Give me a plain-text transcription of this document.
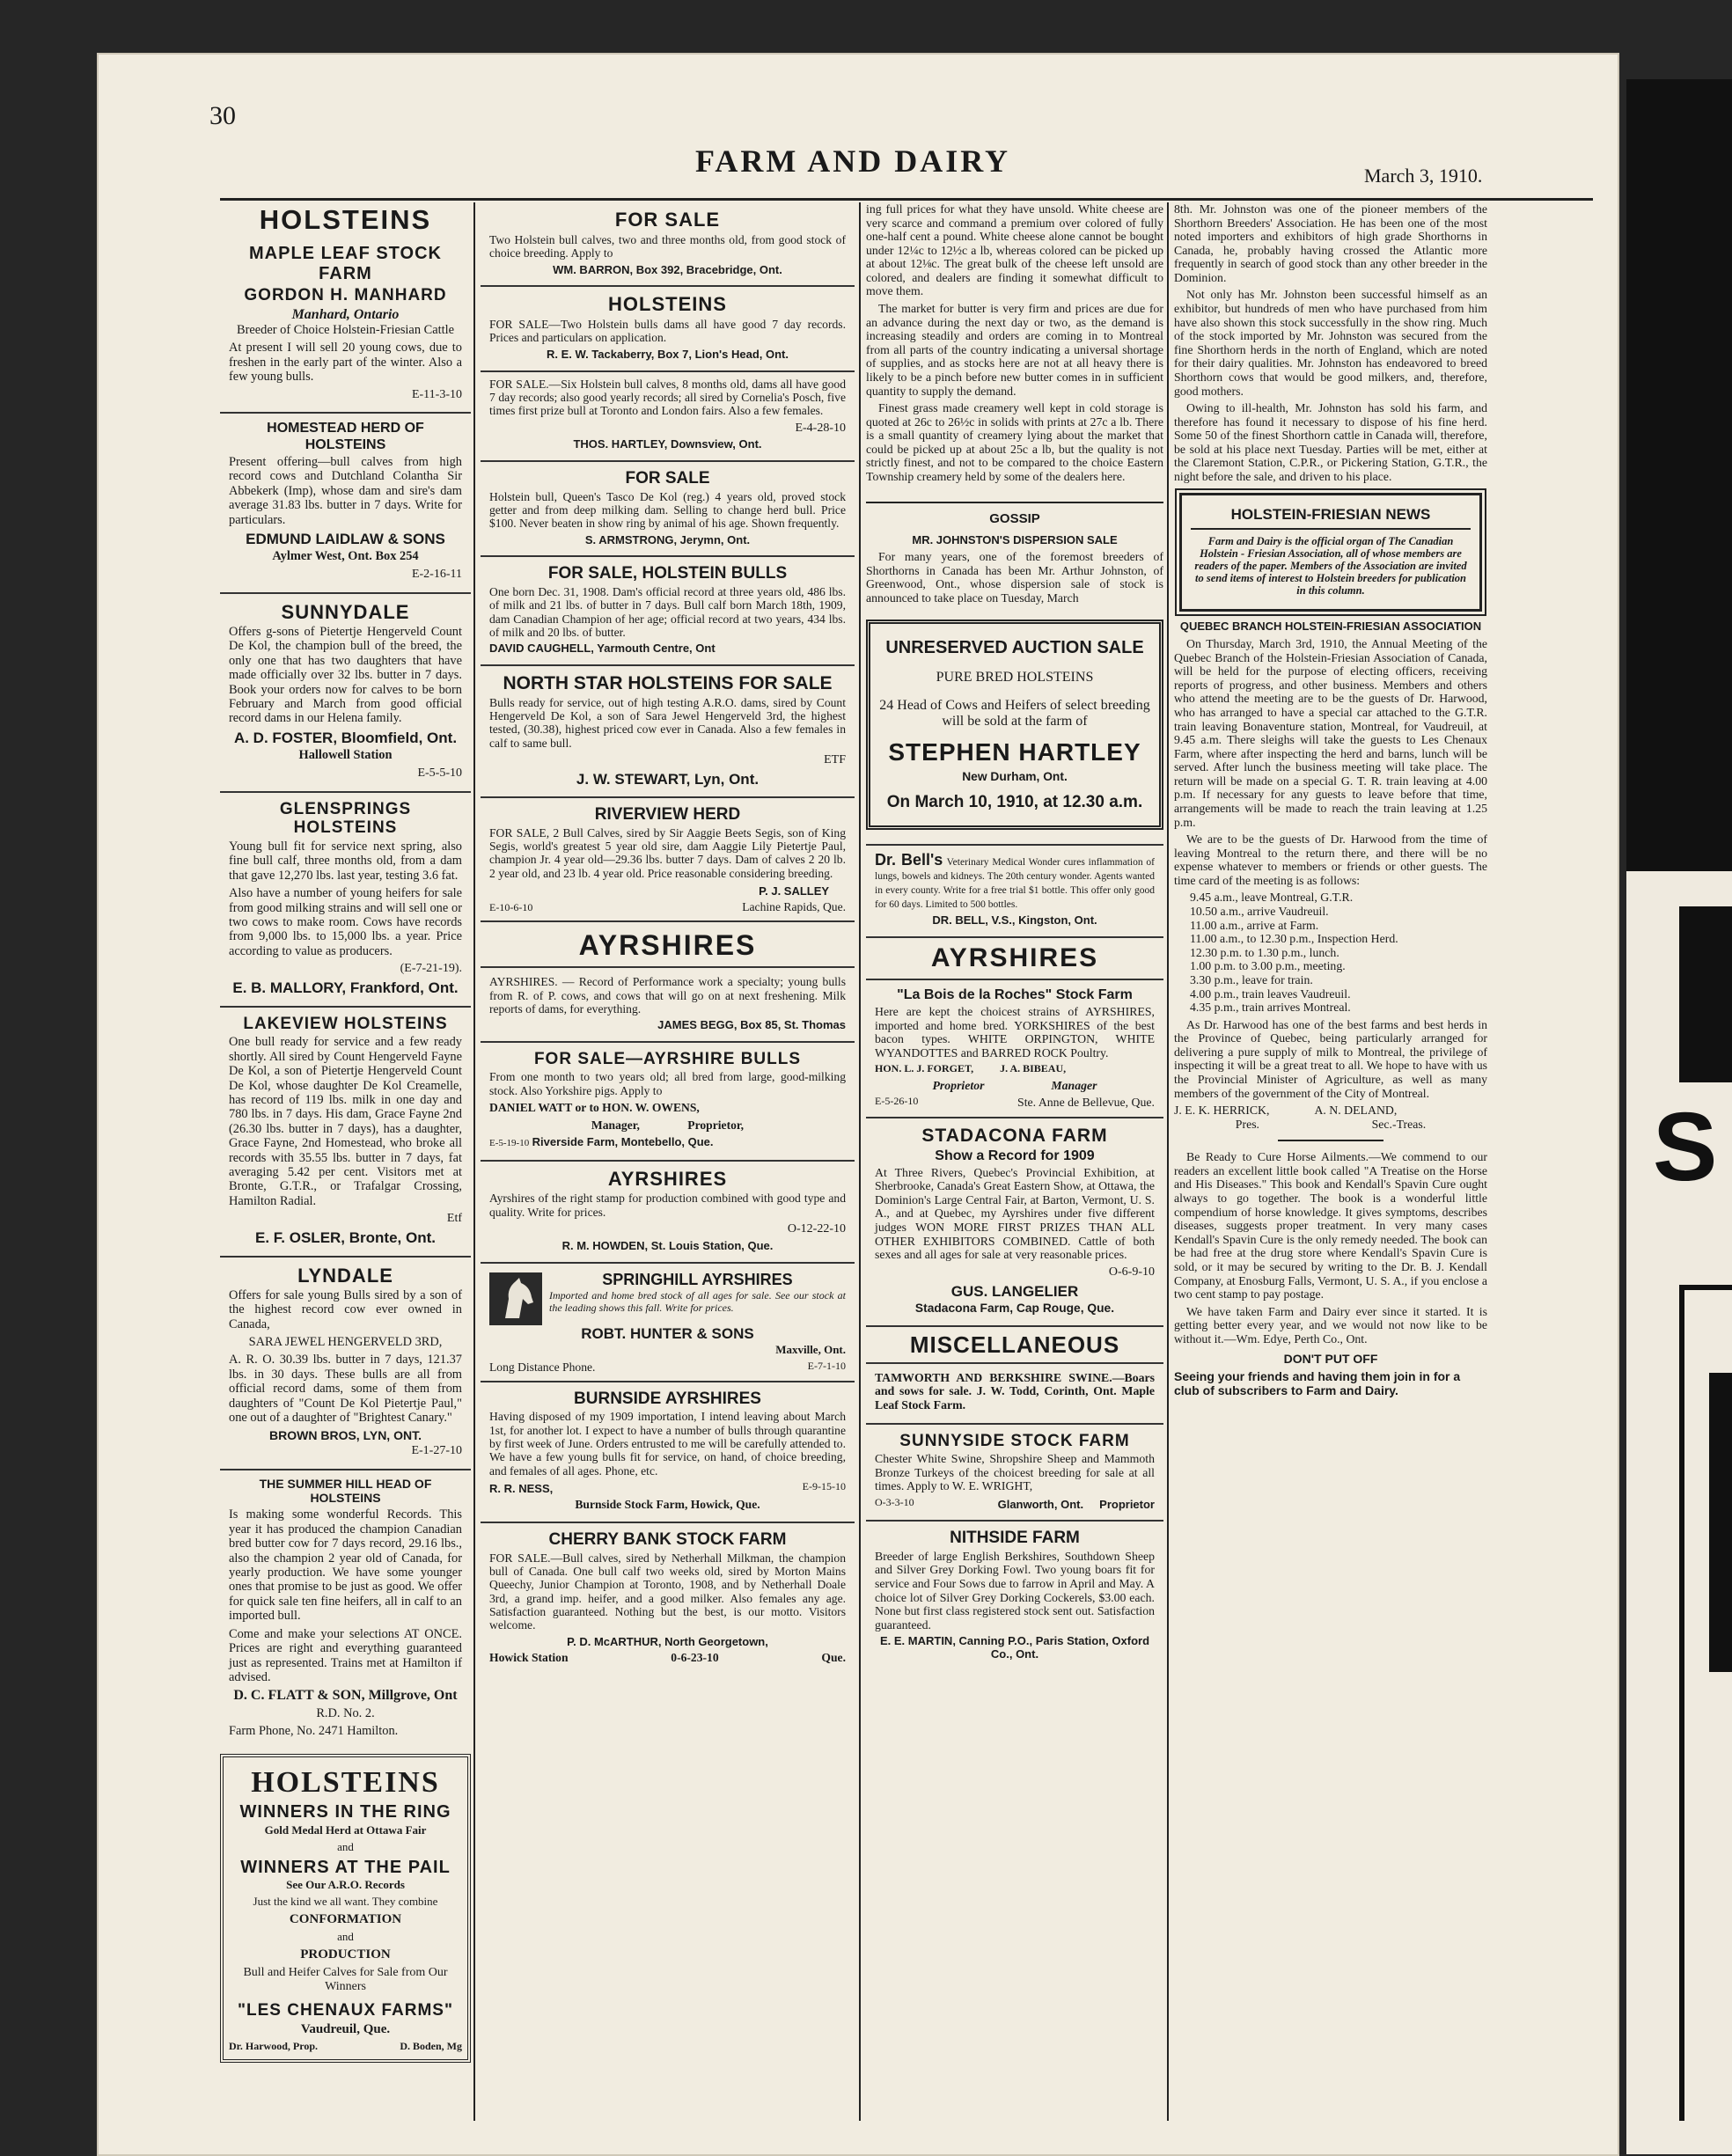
30
FARM AND DAIRY	March 3, 1910.
HOLSTEINS
MAPLE LEAF STOCK FARM
GORDON H. MANHARD
Manhard, Ontario

Breeder of Choice Holstein-Friesian Cattle

At present I will sell 20 young cows, due to freshen in the early part of the winter. Also a few young bulls.

E-11-3-10

HOMESTEAD HERD OF HOLSTEINS

Present offering—bull calves from high record cows and Dutchland Colantha Sir Abbekerk (Imp), whose dam and sire's dam average 31.83 lbs. butter in 7 days. Write for particulars.

EDMUND LAIDLAW & SONS

Aylmer West, Ont. Box 254

E-2-16-11

SUNNYDALE

Offers g-sons of Pietertje Hengerveld Count De Kol, the champion bull of the breed, the only one that has two daughters that have made officially over 32 lbs. butter in 7 days. Book your orders now for calves to be born February and March from good official record dams in our Helena family.

A. D. FOSTER, Bloomfield, Ont.

Hallowell Station

E-5-5-10

GLENSPRINGS HOLSTEINS

Young bull fit for service next spring, also fine bull calf, three months old, from a dam that gave 12,270 lbs. last year, testing 3.6 fat.

Also have a number of young heifers for sale from good milking strains and will sell one or two cows to make room. Cows have records from 9,000 lbs. to 15,000 lbs. a year. Price according to value as producers.

(E-7-21-19).

E. B. MALLORY, Frankford, Ont.
LAKEVIEW HOLSTEINS

One bull ready for service and a few ready shortly. All sired by Count Hengerveld Fayne De Kol, a son of Pietertje Hengerveld Count De Kol, whose daughter De Kol Creamelle, has record of 119 lbs. milk in one day and 780 lbs. in 7 days. His dam, Grace Fayne 2nd (26.30 lbs. butter in 7 days), has a daughter, Grace Fayne, 2nd Homestead, who broke all records with 35.55 lbs. butter in 7 days, fat averaging 5.42 per cent. Visitors met at Bronte, G.T.R., or Trafalgar Crossing, Hamilton Radial.

Etf

E. F. OSLER, Bronte, Ont.
LYNDALE

Offers for sale young Bulls sired by a son of the highest record cow ever owned in Canada,

SARA JEWEL HENGERVELD 3RD,

A. R. O. 30.39 lbs. butter in 7 days, 121.37 lbs. in 30 days. These bulls are all from official record dams, some of them from daughters of "Count De Kol Pietertje Paul," one out of a daughter of "Brightest Canary."

BROWN BROS, LYN, ONT.

E-1-27-10

THE SUMMER HILL HEAD OF HOLSTEINS

Is making some wonderful Records. This year it has produced the champion Canadian bred butter cow for 7 days record, 29.16 lbs., also the champion 2 year old of Canada, for yearly production. We have some younger ones that promise to be just as good. We offer for quick sale ten fine heifers, all in calf to an imported bull.

Come and make your selections AT ONCE. Prices are right and everything guaranteed just as represented. Trains met at Hamilton if advised.

D. C. FLATT & SON, Millgrove, Ont

R.D. No. 2.

Farm Phone, No. 2471 Hamilton.

HOLSTEINS
WINNERS IN THE RING

Gold Medal Herd at Ottawa Fair

and

WINNERS AT THE PAIL

See Our A.R.O. Records

Just the kind we all want. They combine

CONFORMATION

and

PRODUCTION

Bull and Heifer Calves for Sale from Our Winners

"LES CHENAUX FARMS"

Vaudreuil, Que.

Dr. Harwood, Prop.	D. Boden, Mg
FOR SALE

Two Holstein bull calves, two and three months old, from good stock of choice breeding. Apply to

WM. BARRON, Box 392, Bracebridge, Ont.
HOLSTEINS

FOR SALE—Two Holstein bulls dams all have good 7 day records. Prices and particulars on application.

R. E. W. Tackaberry, Box 7, Lion's Head, Ont.

FOR SALE.—Six Holstein bull calves, 8 months old, dams all have good 7 day records; also good yearly records; all sired by Cornelia's Posch, five times first prize bull at Toronto and London fairs. Also a few females.

E-4-28-10

THOS. HARTLEY, Downsview, Ont.
FOR SALE

Holstein bull, Queen's Tasco De Kol (reg.) 4 years old, proved stock getter and from deep milking dam. Selling to change herd bull. Price $100. Never beaten in show ring by animal of his age. Shown frequently.

S. ARMSTRONG, Jerymn, Ont.
FOR SALE, HOLSTEIN BULLS

One born Dec. 31, 1908. Dam's official record at three years old, 486 lbs. of milk and 21 lbs. of butter in 7 days. Bull calf born March 18th, 1909, dam Canadian Champion of her age; official record at two years, 434 lbs. of milk and 20 lbs. of butter.

DAVID CAUGHELL, Yarmouth Centre, Ont
NORTH STAR HOLSTEINS FOR SALE

Bulls ready for service, out of high testing A.R.O. dams, sired by Count Hengerveld De Kol, a son of Sara Jewel Hengerveld 3rd, the highest tested, (30.38), highest priced cow ever in Canada. Also a few females in calf to same bull.

ETF

J. W. STEWART, Lyn, Ont.
RIVERVIEW HERD

FOR SALE, 2 Bull Calves, sired by Sir Aaggie Beets Segis, son of King Segis, world's greatest 5 year old sire, dam Aaggie Lily Pietertje Paul, champion Jr. 4 year old—29.36 lbs. butter 7 days. Dam of calves 2 20 lb. 2 year old, and 23 lb. 4 year old. Price reasonable considering breeding.

E-10-6-10
P. J. SALLEY
Lachine Rapids, Que.
AYRSHIRES

AYRSHIRES. — Record of Performance work a specialty; young bulls from R. of P. cows, and cows that will go on at next freshening. Milk reports of dams, for everything.

JAMES BEGG, Box 85, St. Thomas
FOR SALE—AYRSHIRE BULLS

From one month to two years old; all bred from large, good-milking stock. Also Yorkshire pigs. Apply to

DANIEL WATT or to HON. W. OWENS,

Manager,                Proprietor,

E-5-19-10 Riverside Farm, Montebello, Que.

AYRSHIRES

Ayrshires of the right stamp for production combined with good type and quality. Write for prices.

O-12-22-10

R. M. HOWDEN, St. Louis Station, Que.
SPRINGHILL AYRSHIRES

Imported and home bred stock of all ages for sale. See our stock at the leading shows this fall. Write for prices.

ROBT. HUNTER & SONS

Maxville, Ont.

Long Distance Phone.	E-7-1-10
BURNSIDE AYRSHIRES

Having disposed of my 1909 importation, I intend leaving about March 1st, for another lot. I expect to have a number of bulls through quarantine by first week of June. Orders entrusted to me will be carefully attended to. We have a few young bulls fit for service, on hand, of choice breeding, and females of all ages. Phone, etc.

R. R. NESS,	E-9-15-10

Burnside Stock Farm, Howick, Que.

CHERRY BANK STOCK FARM

FOR SALE.—Bull calves, sired by Netherhall Milkman, the champion bull of Canada. One bull calf two weeks old, sired by Morton Mains Queechy, Junior Champion at Toronto, 1908, and by Netherhall Doale 3rd, a grand imp. heifer, and a good milker. Also females any age. Satisfaction guaranteed. Nothing but the best, is our motto. Visitors welcome.

P. D. McARTHUR, North Georgetown,
Howick Station	0-6-23-10	Que.

ing full prices for what they have unsold. White cheese are very scarce and command a premium over colored of fully one-half cent a pound. White cheese alone cannot be bought under 12¼c to 12½c a lb, whereas colored can be picked up at about 12⅛c. The great bulk of the cheese left unsold are colored, and dealers are finding it somewhat difficult to move them.

The market for butter is very firm and prices are due for an advance during the next day or two, as the demand is increasing steadily and orders are coming in to Montreal from all parts of the country indicating a universal shortage of supplies, and as stocks here are not at all heavy there is likely to be a pinch before new butter comes in in sufficient quantity to supply the demand.

Finest grass made creamery well kept in cold storage is quoted at 26c to 26½c in solids with prints at 27c a lb. There is a small quantity of creamery lying about the market that could be picked up at about 25c a lb, but the quality is not strictly finest, and not to be compared to the choice Eastern Township creamery held by some of the dealers here.

GOSSIP
MR. JOHNSTON'S DISPERSION SALE

For many years, one of the foremost breeders of Shorthorns in Canada has been Mr. Arthur Johnston, of Greenwood, Ont., whose dispersion sale of stock is announced to take place on Tuesday, March

UNRESERVED AUCTION SALE

PURE BRED HOLSTEINS

24 Head of Cows and Heifers of select breeding will be sold at the farm of

STEPHEN HARTLEY

New Durham, Ont.

On March 10, 1910, at 12.30 a.m.

Dr. Bell's Veterinary Medical Wonder cures inflammation of lungs, bowels and kidneys. The 20th century wonder. Agents wanted in every county. Write for a free trial $1 bottle. This offer only good for 60 days. Limited to 500 bottles.

DR. BELL, V.S., Kingston, Ont.
AYRSHIRES
"La Bois de la Roches" Stock Farm

Here are kept the choicest strains of AYRSHIRES, imported and home bred. YORKSHIRES of the best bacon types. WHITE ORPINGTON, WHITE WYANDOTTES and BARRED ROCK Poultry.

HON. L. J. FORGET,          J. A. BIBEAU,

Proprietor                      Manager

E-5-26-10	Ste. Anne de Bellevue, Que.
STADACONA FARM
Show a Record for 1909

At Three Rivers, Quebec's Provincial Exhibition, at Sherbrooke, Canada's Great Eastern Show, at Ottawa, the Dominion's Large Central Fair, at Barton, Vermont, U. S. A., and at Quebec, my Ayrshires under five different judges WON MORE FIRST PRIZES THAN ALL OTHER EXHIBITORS COMBINED. Cattle of both sexes and all ages for sale at very reasonable prices.

O-6-9-10

GUS. LANGELIER

Stadacona Farm, Cap Rouge, Que.

MISCELLANEOUS

TAMWORTH AND BERKSHIRE SWINE.—Boars and sows for sale. J. W. Todd, Corinth, Ont. Maple Leaf Stock Farm.

SUNNYSIDE STOCK FARM

Chester White Swine, Shropshire Sheep and Mammoth Bronze Turkeys of the choicest breeding for sale at all times. Apply to W. E. WRIGHT,

O-3-3-10	Glanworth, Ont.     Proprietor
NITHSIDE FARM

Breeder of large English Berkshires, Southdown Sheep and Silver Grey Dorking Fowl. Two young boars fit for service and Four Sows due to farrow in April and May. A choice lot of Silver Grey Dorking Cockerels, $3.00 each. None but first class registered stock sent out. Satisfaction guaranteed.

E. E. MARTIN, Canning P.O., Paris Station, Oxford Co., Ont.

8th. Mr. Johnston was one of the pioneer members of the Shorthorn Breeders' Association. He has been one of the most noted importers and exhibitors of high grade Shorthorns in Canada, he, probably having crossed the Atlantic more frequently in search of good stock than any other breeder in the Dominion.

Not only has Mr. Johnston been successful himself as an exhibitor, but hundreds of men who have purchased from him have also shown this stock successfully in the show ring. Much of the stock imported by Mr. Johnston was secured from the fine Shorthorn herds in the north of England, which are noted for their dairy qualities. Mr. Johnston has endeavored to breed Shorthorn cows that would be good milkers, and, therefore, good mothers.

Owing to ill-health, Mr. Johnston has sold his farm, and therefore has found it necessary to dispose of his fine herd. Some 50 of the finest Shorthorn cattle in Canada will, therefore, be sold at his place next Tuesday. Parties will be met, either at the Claremont Station, C.P.R., or Pickering Station, G.T.R., the night before the sale, and driven to his place.

HOLSTEIN-FRIESIAN NEWS

Farm and Dairy is the official organ of The Canadian Holstein - Friesian Association, all of whose members are readers of the paper. Members of the Association are invited to send items of interest to Holstein breeders for publication in this column.

QUEBEC BRANCH HOLSTEIN-FRIESIAN ASSOCIATION

On Thursday, March 3rd, 1910, the Annual Meeting of the Quebec Branch of the Holstein-Friesian Association of Canada, will be held for the purpose of electing officers, receiving reports of progress, and other business. Members and others who attend the meeting are to be the guests of Dr. Harwood, who has arranged to have a special car attached to the G.T.R. train leaving Bonaventure station, Montreal, for Vaudreuil, at 9.45 a.m. There sleighs will take the guests to Les Chenaux Farm, where after inspecting the herd and barns, lunch will be served. After lunch the business meeting will take place. The return will be made on a special G. T. R. train leaving at 4.00 p.m. If necessary for any guests to leave before that time, arrangements will be made to reach the train leaving at 1.25 p.m.

We are to be the guests of Dr. Harwood from the time of leaving Montreal to the return there, and there will be no expense whatever to members or friends or other guests. The time card of the meeting is as follows:

9.45 a.m., leave Montreal, G.T.R.

10.50 a.m., arrive Vaudreuil.

11.00 a.m., arrive at Farm.

11.00 a.m., to 12.30 p.m., Inspection Herd.

12.30 p.m. to 1.30 p.m., lunch.

1.00 p.m. to 3.00 p.m., meeting.

3.30 p.m., leave for train.

4.00 p.m., train leaves Vaudreuil.

4.35 p.m., train arrives Montreal.

As Dr. Harwood has one of the best farms and best herds in the Province of Quebec, being particularly arranged for delivering a pure supply of milk to Montreal, the privilege of inspecting it will be a great treat to all. We hope to have with us the Provincial Minister of Agriculture, as well as many members of the government of the City of Montreal.

J. E. K. HERRICK,               A. N. DELAND,

Pres.                                     Sec.-Treas.

Be Ready to Cure Horse Ailments.—We commend to our readers an excellent little book called "A Treatise on the Horse and His Diseases." This book and Kendall's Spavin Cure ought always to go together. The book is a wonderful little compendium of horse knowledge. It gives symptoms, describes diseases, suggests proper treatment. In very many cases Kendall's Spavin Cure is the only remedy needed. The book can be had free at the drug store where Kendall's Spavin Cure is sold, or it may be secured by writing to the Dr. B. J. Kendall Company, at Enosburg Falls, Vermont, U. S. A., if you enclose a two cent stamp to pay postage.

We have taken Farm and Dairy ever since it started. It is getting better every year, and we would not now like to be without it.—Wm. Edye, Perth Co., Ont.

DON'T PUT OFF

Seeing your friends and having them join in for a club of subscribers to Farm and Dairy.

S
